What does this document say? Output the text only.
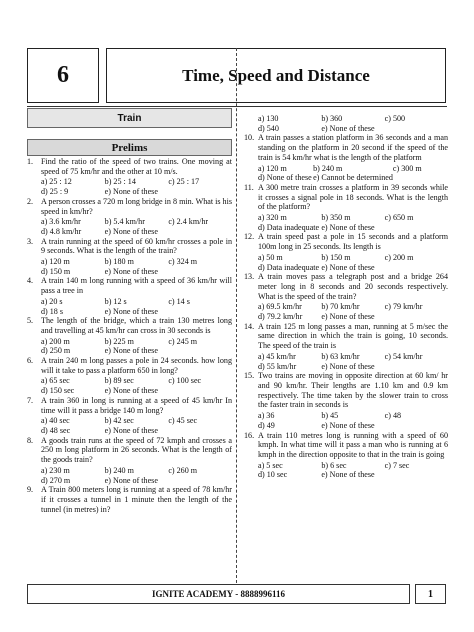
6	Time, Speed and Distance
Train
Prelims
1. Find the ratio of the speed of two trains. One moving at speed of 75 km/hr and the other at 10 m/s.
a) 25 : 12	b) 25 : 14	c) 25 : 17
d) 25 : 9	e) None of these
2. A person crosses a 720 m long bridge in 8 min. What is his speed in km/hr?
a) 3.6 km/hr	b) 5.4 km/hr	c) 2.4 km/hr
d) 4.8 km/hr	e) None of these
3. A train running at the speed of 60 km/hr crosses a pole in 9 seconds. What is the length of the train?
a) 120 m	b) 180 m	c) 324 m
d) 150 m	e) None of these
4. A train 140 m long running with a speed of 36 km/hr will pass a tree in
a) 20 s	b) 12 s	c) 14 s
d) 18 s	e) None of these
5. The length of the bridge, which a train 130 metres long and travelling at 45 km/hr can cross in 30 seconds is
a) 200 m	b) 225 m	c) 245 m
d) 250 m	e) None of these
6. A train 240 m long passes a pole in 24 seconds. how long will it take to pass a platform 650 in long?
a) 65 sec	b) 89 sec	c) 100 sec
d) 150 sec	e) None of these
7. A train 360 in long is running at a speed of 45 km/hr In time will it pass a bridge 140 m long?
a) 40 sec	b) 42 sec	c) 45 sec
d) 48 sec	e) None of these
8. A goods train runs at the speed of 72 kmph and crosses a 250 m long platform in 26 seconds. What is the length of the goods train?
a) 230 m	b) 240 m	c) 260 m
d) 270 m	e) None of these
9. A Train 800 meters long is running at a speed of 78 km/hr if it crosses a tunnel in 1 minute then the length of the tunnel (in metres) in?
a) 130	b) 360	c) 500
d) 540	e) None of these
10. A train passes a station platform in 36 seconds and a man standing on the platform in 20 second if the speed of the train is 54 km/hr what is the length of the platform
a) 120 m	b) 240 m	c) 300 m
d) None of these e) Cannot be determined
11. A 300 metre train crosses a platform in 39 seconds while it crosses a signal pole in 18 seconds. What is the length of the platform?
a) 320 m	b) 350 m	c) 650 m
d) Data inadequate e) None of these
12. A train speed past a pole in 15 seconds and a platform 100m long in 25 seconds. Its length is
a) 50 m	b) 150 m	c) 200 m
d) Data inadequate e) None of these
13. A train moves pass a telegraph post and a bridge 264 meter long in 8 seconds and 20 seconds respectively. What is the speed of the train?
a) 69.5 km/hr	b) 70 km/hr	c) 79 km/hr
d) 79.2 km/hr	e) None of these
14. A train 125 m long passes a man, running at 5 m/sec the same direction in which the train is going, 10 seconds. The speed of the train is
a) 45 km/hr	b) 63 km/hr	c) 54 km/hr
d) 55 km/hr	e) None of these
15. Two trains are moving in opposite direction at 60 km/ hr and 90 km/hr. Their lengths are 1.10 km and 0.9 km respectively. The time taken by the slower train to cross the faster train in seconds is
a) 36	b) 45	c) 48
d) 49	e) None of these
16. A train 110 metres long is running with a speed of 60 kmph. In what time will it pass a man who is running at 6 kmph in the direction opposite to that in the train is going
a) 5 sec	b) 6 sec	c) 7 sec
d) 10 sec	e) None of these
IGNITE ACADEMY - 8888996116	1
